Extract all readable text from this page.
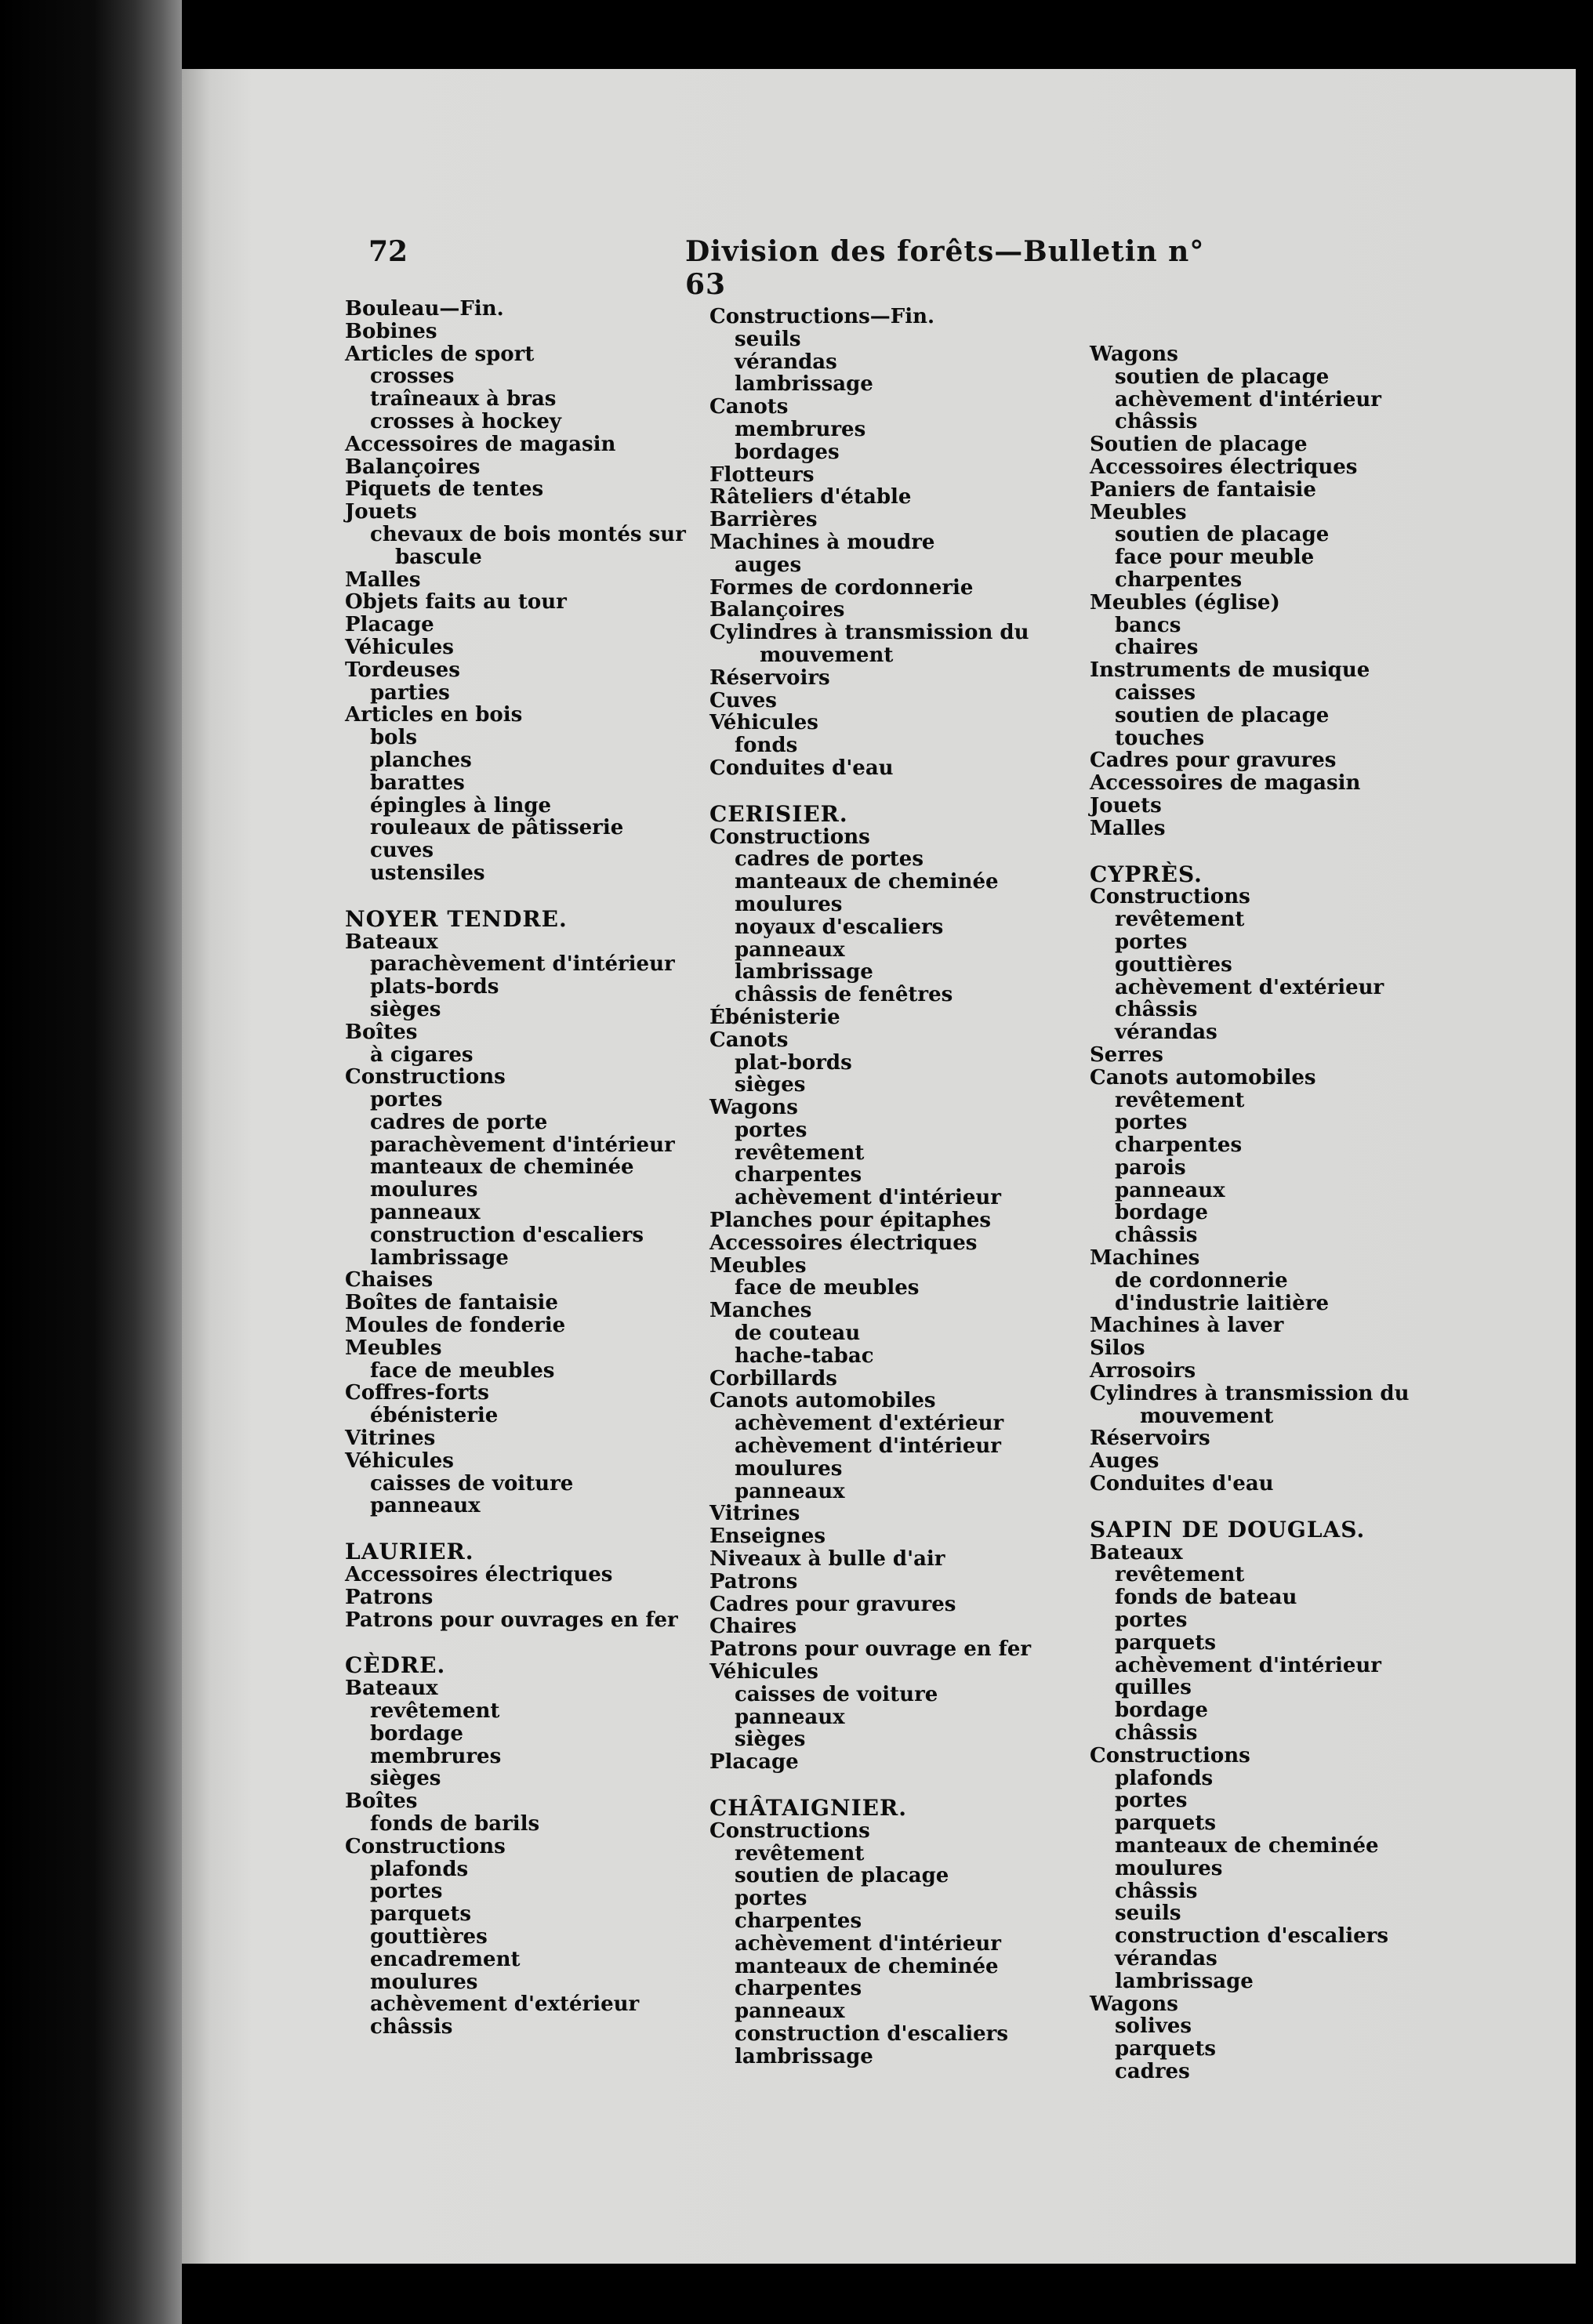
72	Division des forêts—Bulletin n° 63
Bouleau—Fin.
Bobines
Articles de sport
crosses
traîneaux à bras
crosses à hockey
Accessoires de magasin
Balançoires
Piquets de tentes
Jouets
chevaux de bois montés sur
bascule
Malles
Objets faits au tour
Placage
Véhicules
Tordeuses
parties
Articles en bois
bols
planches
barattes
épingles à linge
rouleaux de pâtisserie
cuves
ustensiles
NOYER TENDRE.
Bateaux
parachèvement d'intérieur
plats-bords
sièges
Boîtes
à cigares
Constructions
portes
cadres de porte
parachèvement d'intérieur
manteaux de cheminée
moulures
panneaux
construction d'escaliers
lambrissage
Chaises
Boîtes de fantaisie
Moules de fonderie
Meubles
face de meubles
Coffres-forts
ébénisterie
Vitrines
Véhicules
caisses de voiture
panneaux
LAURIER.
Accessoires électriques
Patrons
Patrons pour ouvrages en fer
CÈDRE.
Bateaux
revêtement
bordage
membrures
sièges
Boîtes
fonds de barils
Constructions
plafonds
portes
parquets
gouttières
encadrement
moulures
achèvement d'extérieur
châssis
Constructions—Fin.
seuils
vérandas
lambrissage
Canots
membrures
bordages
Flotteurs
Râteliers d'étable
Barrières
Machines à moudre
auges
Formes de cordonnerie
Balançoires
Cylindres à transmission du
mouvement
Réservoirs
Cuves
Véhicules
fonds
Conduites d'eau
CERISIER.
Constructions
cadres de portes
manteaux de cheminée
moulures
noyaux d'escaliers
panneaux
lambrissage
châssis de fenêtres
Ébénisterie
Canots
plat-bords
sièges
Wagons
portes
revêtement
charpentes
achèvement d'intérieur
Planches pour épitaphes
Accessoires électriques
Meubles
face de meubles
Manches
de couteau
hache-tabac
Corbillards
Canots automobiles
achèvement d'extérieur
achèvement d'intérieur
moulures
panneaux
Vitrines
Enseignes
Niveaux à bulle d'air
Patrons
Cadres pour gravures
Chaires
Patrons pour ouvrage en fer
Véhicules
caisses de voiture
panneaux
sièges
Placage
CHÂTAIGNIER.
Constructions
revêtement
soutien de placage
portes
charpentes
achèvement d'intérieur
manteaux de cheminée
charpentes
panneaux
construction d'escaliers
lambrissage
Wagons
soutien de placage
achèvement d'intérieur
châssis
Soutien de placage
Accessoires électriques
Paniers de fantaisie
Meubles
soutien de placage
face pour meuble
charpentes
Meubles (église)
bancs
chaires
Instruments de musique
caisses
soutien de placage
touches
Cadres pour gravures
Accessoires de magasin
Jouets
Malles
CYPRÈS.
Constructions
revêtement
portes
gouttières
achèvement d'extérieur
châssis
vérandas
Serres
Canots automobiles
revêtement
portes
charpentes
parois
panneaux
bordage
châssis
Machines
de cordonnerie
d'industrie laitière
Machines à laver
Silos
Arrosoirs
Cylindres à transmission du
mouvement
Réservoirs
Auges
Conduites d'eau
SAPIN DE DOUGLAS.
Bateaux
revêtement
fonds de bateau
portes
parquets
achèvement d'intérieur
quilles
bordage
châssis
Constructions
plafonds
portes
parquets
manteaux de cheminée
moulures
châssis
seuils
construction d'escaliers
vérandas
lambrissage
Wagons
solives
parquets
cadres
